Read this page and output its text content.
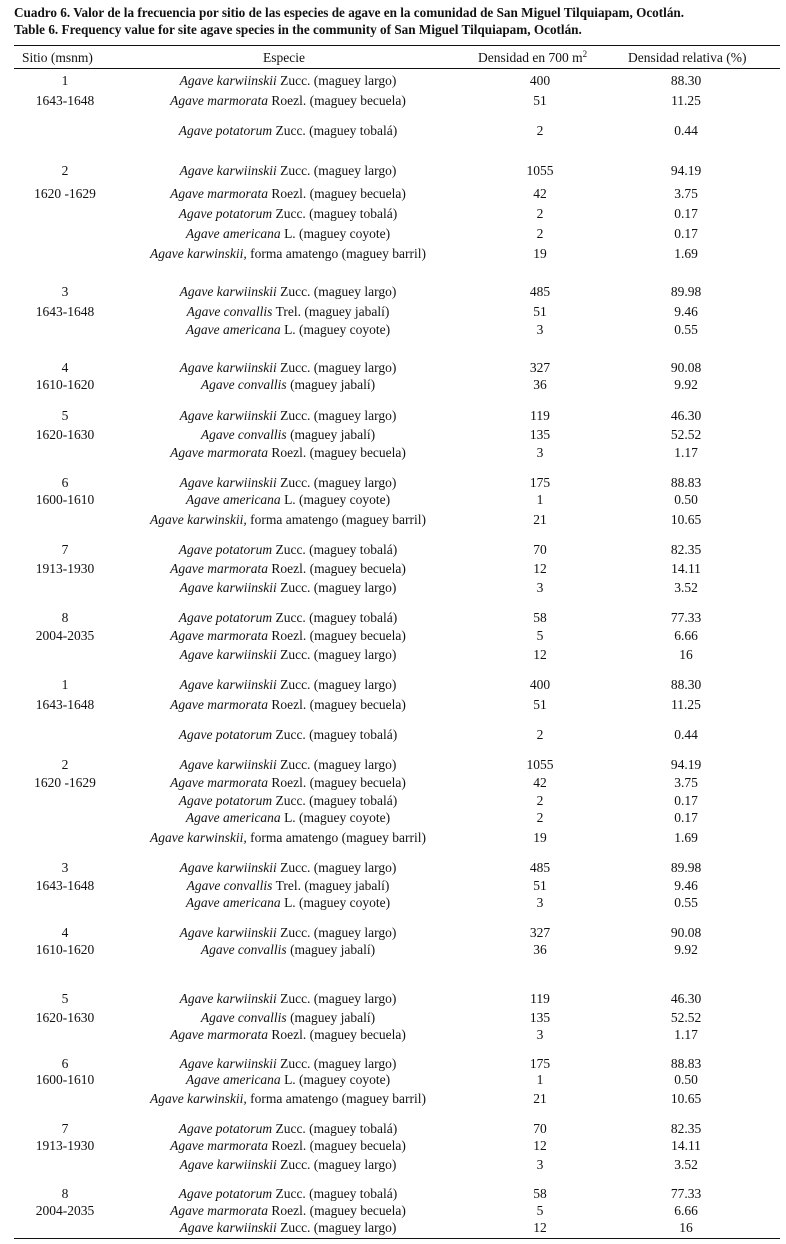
Cuadro 6. Valor de la frecuencia por sitio de las especies de agave en la comunidad de San Miguel Tilquiapam, Ocotlán.
Table 6. Frequency value for site agave species in the community of San Miguel Tilquiapam, Ocotlán.
Sitio (msnm)	Especie	Densidad en 700 $m^2$	Densidad relativa (%)
1	Agave karwiinskii Zucc. (maguey largo)	400	88.30
1643-1648	Agave marmorata Roezl. (maguey becuela)	51	11.25
Agave potatorum Zucc. (maguey tobalá)	2	0.44
2	Agave karwiinskii Zucc. (maguey largo)	1055	94.19
1620 -1629	Agave marmorata Roezl. (maguey becuela)	42	3.75
Agave potatorum Zucc. (maguey tobalá)	2	0.17
Agave americana L. (maguey coyote)	2	0.17
Agave karwinskii, forma amatengo (maguey barril)	19	1.69
3	Agave karwiinskii Zucc. (maguey largo)	485	89.98
1643-1648	Agave convallis Trel. (maguey jabalí)	51	9.46
Agave americana L. (maguey coyote)	3	0.55
4	Agave karwiinskii Zucc. (maguey largo)	327	90.08
1610-1620	Agave convallis (maguey jabalí)	36	9.92
5	Agave karwiinskii Zucc. (maguey largo)	119	46.30
1620-1630	Agave convallis (maguey jabalí)	135	52.52
Agave marmorata Roezl. (maguey becuela)	3	1.17
6	Agave karwiinskii Zucc. (maguey largo)	175	88.83
1600-1610	Agave americana L. (maguey coyote)	1	0.50
Agave karwinskii, forma amatengo (maguey barril)	21	10.65
7	Agave potatorum Zucc. (maguey tobalá)	70	82.35
1913-1930	Agave marmorata Roezl. (maguey becuela)	12	14.11
Agave karwiinskii Zucc. (maguey largo)	3	3.52
8	Agave potatorum Zucc. (maguey tobalá)	58	77.33
2004-2035	Agave marmorata Roezl. (maguey becuela)	5	6.66
Agave karwiinskii Zucc. (maguey largo)	12	16
1	Agave karwiinskii Zucc. (maguey largo)	400	88.30
1643-1648	Agave marmorata Roezl. (maguey becuela)	51	11.25
Agave potatorum Zucc. (maguey tobalá)	2	0.44
2	Agave karwiinskii Zucc. (maguey largo)	1055	94.19
1620 -1629	Agave marmorata Roezl. (maguey becuela)	42	3.75
Agave potatorum Zucc. (maguey tobalá)	2	0.17
Agave americana L. (maguey coyote)	2	0.17
Agave karwinskii, forma amatengo (maguey barril)	19	1.69
3	Agave karwiinskii Zucc. (maguey largo)	485	89.98
1643-1648	Agave convallis Trel. (maguey jabalí)	51	9.46
Agave americana L. (maguey coyote)	3	0.55
4	Agave karwiinskii Zucc. (maguey largo)	327	90.08
1610-1620	Agave convallis (maguey jabalí)	36	9.92
5	Agave karwiinskii Zucc. (maguey largo)	119	46.30
1620-1630	Agave convallis (maguey jabalí)	135	52.52
Agave marmorata Roezl. (maguey becuela)	3	1.17
6	Agave karwiinskii Zucc. (maguey largo)	175	88.83
1600-1610	Agave americana L. (maguey coyote)	1	0.50
Agave karwinskii, forma amatengo (maguey barril)	21	10.65
7	Agave potatorum Zucc. (maguey tobalá)	70	82.35
1913-1930	Agave marmorata Roezl. (maguey becuela)	12	14.11
Agave karwiinskii Zucc. (maguey largo)	3	3.52
8	Agave potatorum Zucc. (maguey tobalá)	58	77.33
2004-2035	Agave marmorata Roezl. (maguey becuela)	5	6.66
Agave karwiinskii Zucc. (maguey largo)	12	16
